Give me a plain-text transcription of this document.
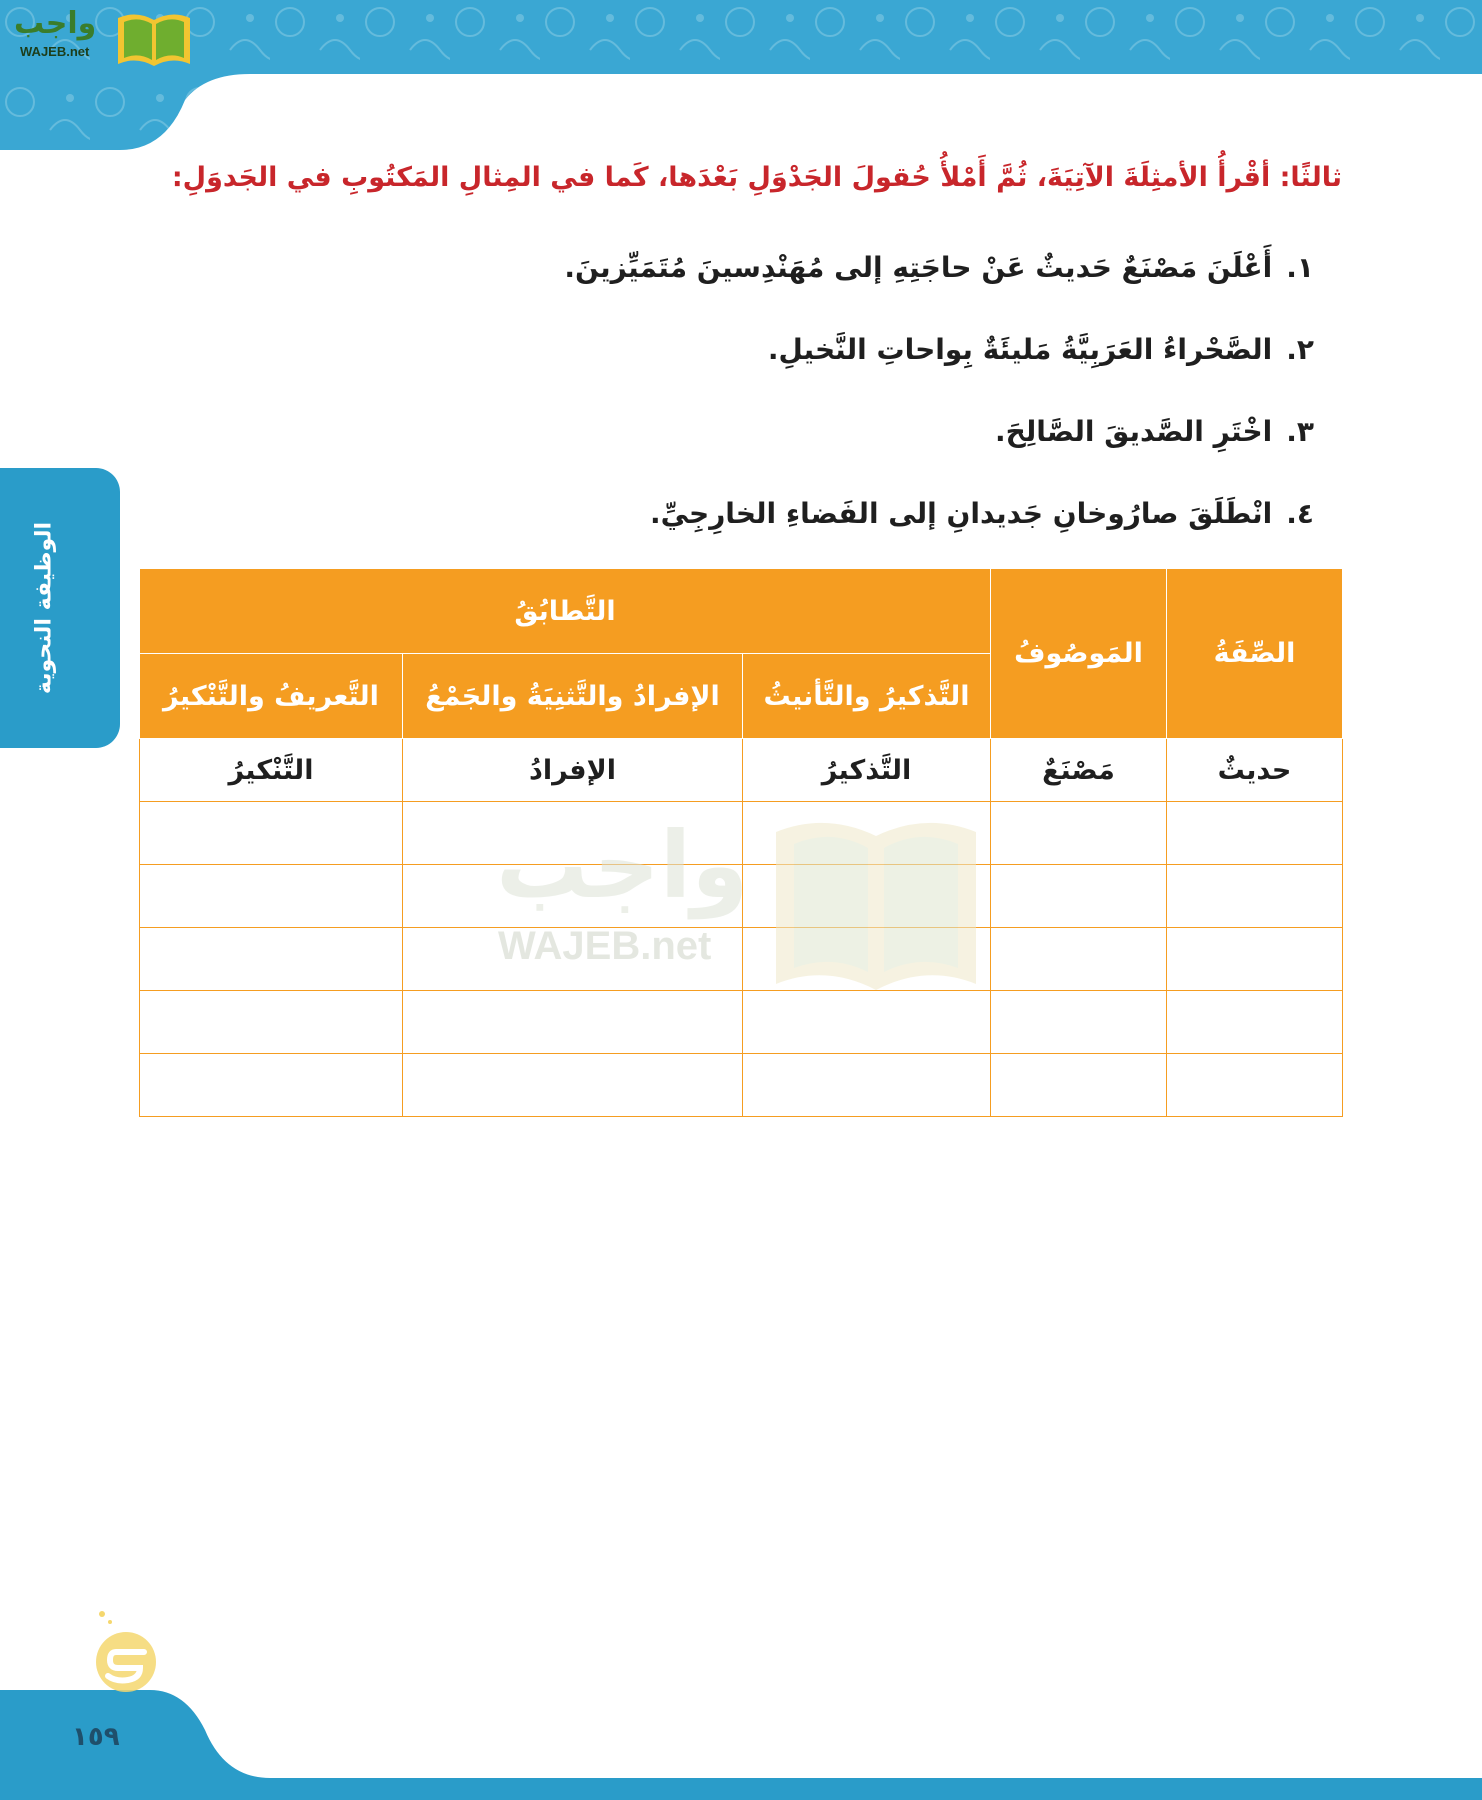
واجب
WAJEB.net
الوظيفة النحوية
ثالثًا: أقْرأُ الأمثِلَةَ الآتِيَةَ، ثُمَّ أَمْلأُ حُقولَ الجَدْوَلِ بَعْدَها، كَما في المِثالِ المَكتُوبِ في الجَدوَلِ:
١.أَعْلَنَ مَصْنَعٌ حَديثٌ عَنْ حاجَتِهِ إلى مُهَنْدِسينَ مُتَمَيِّزينَ.
٢.الصَّحْراءُ العَرَبِيَّةُ مَليئَةٌ بِواحاتِ النَّخيلِ.
٣.اخْتَرِ الصَّديقَ الصَّالِحَ.
٤.انْطَلَقَ صارُوخانِ جَديدانِ إلى الفَضاءِ الخارِجِيِّ.
الصِّفَةُ	المَوصُوفُ	التَّطابُقُ		
		التَّذكيرُ والتَّأنيثُ	الإفرادُ والتَّثنِيَةُ والجَمْعُ	التَّعريفُ والتَّنْكيرُ
حديثٌ	مَصْنَعٌ	التَّذكيرُ	الإفرادُ	التَّنْكيرُ

واجب
WAJEB.net
١٥٩
